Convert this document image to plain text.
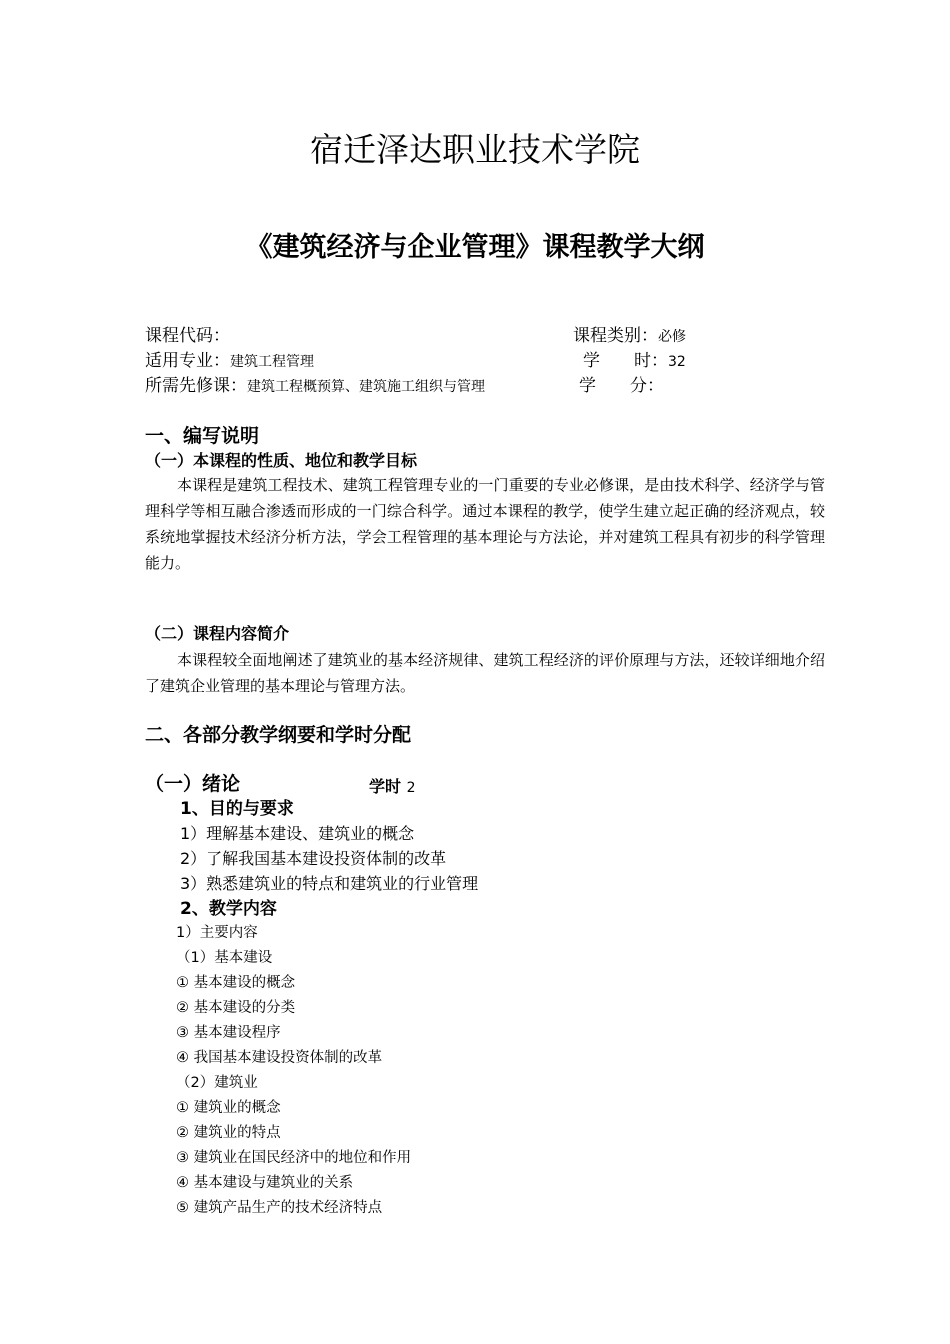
宿迁泽达职业技术学院
《建筑经济与企业管理》课程教学大纲
课程代码：	课程类别：必修
适用专业：建筑工程管理	学　　时：32
所需先修课：建筑工程概预算、建筑施工组织与管理	学　　分：
一、编写说明
（一）本课程的性质、地位和教学目标
本课程是建筑工程技术、建筑工程管理专业的一门重要的专业必修课，是由技术科学、经济学与管理科学等相互融合渗透而形成的一门综合科学。通过本课程的教学，使学生建立起正确的经济观点，较系统地掌握技术经济分析方法，学会工程管理的基本理论与方法论，并对建筑工程具有初步的科学管理能力。
（二）课程内容简介
本课程较全面地阐述了建筑业的基本经济规律、建筑工程经济的评价原理与方法，还较详细地介绍了建筑企业管理的基本理论与管理方法。
二、各部分教学纲要和学时分配
（一）绪论	学时 2
1、目的与要求
1）理解基本建设、建筑业的概念
2）了解我国基本建设投资体制的改革
3）熟悉建筑业的特点和建筑业的行业管理
2、教学内容
1）主要内容
（1）基本建设
① 基本建设的概念
② 基本建设的分类
③ 基本建设程序
④ 我国基本建设投资体制的改革
（2）建筑业
① 建筑业的概念
② 建筑业的特点
③ 建筑业在国民经济中的地位和作用
④ 基本建设与建筑业的关系
⑤ 建筑产品生产的技术经济特点
